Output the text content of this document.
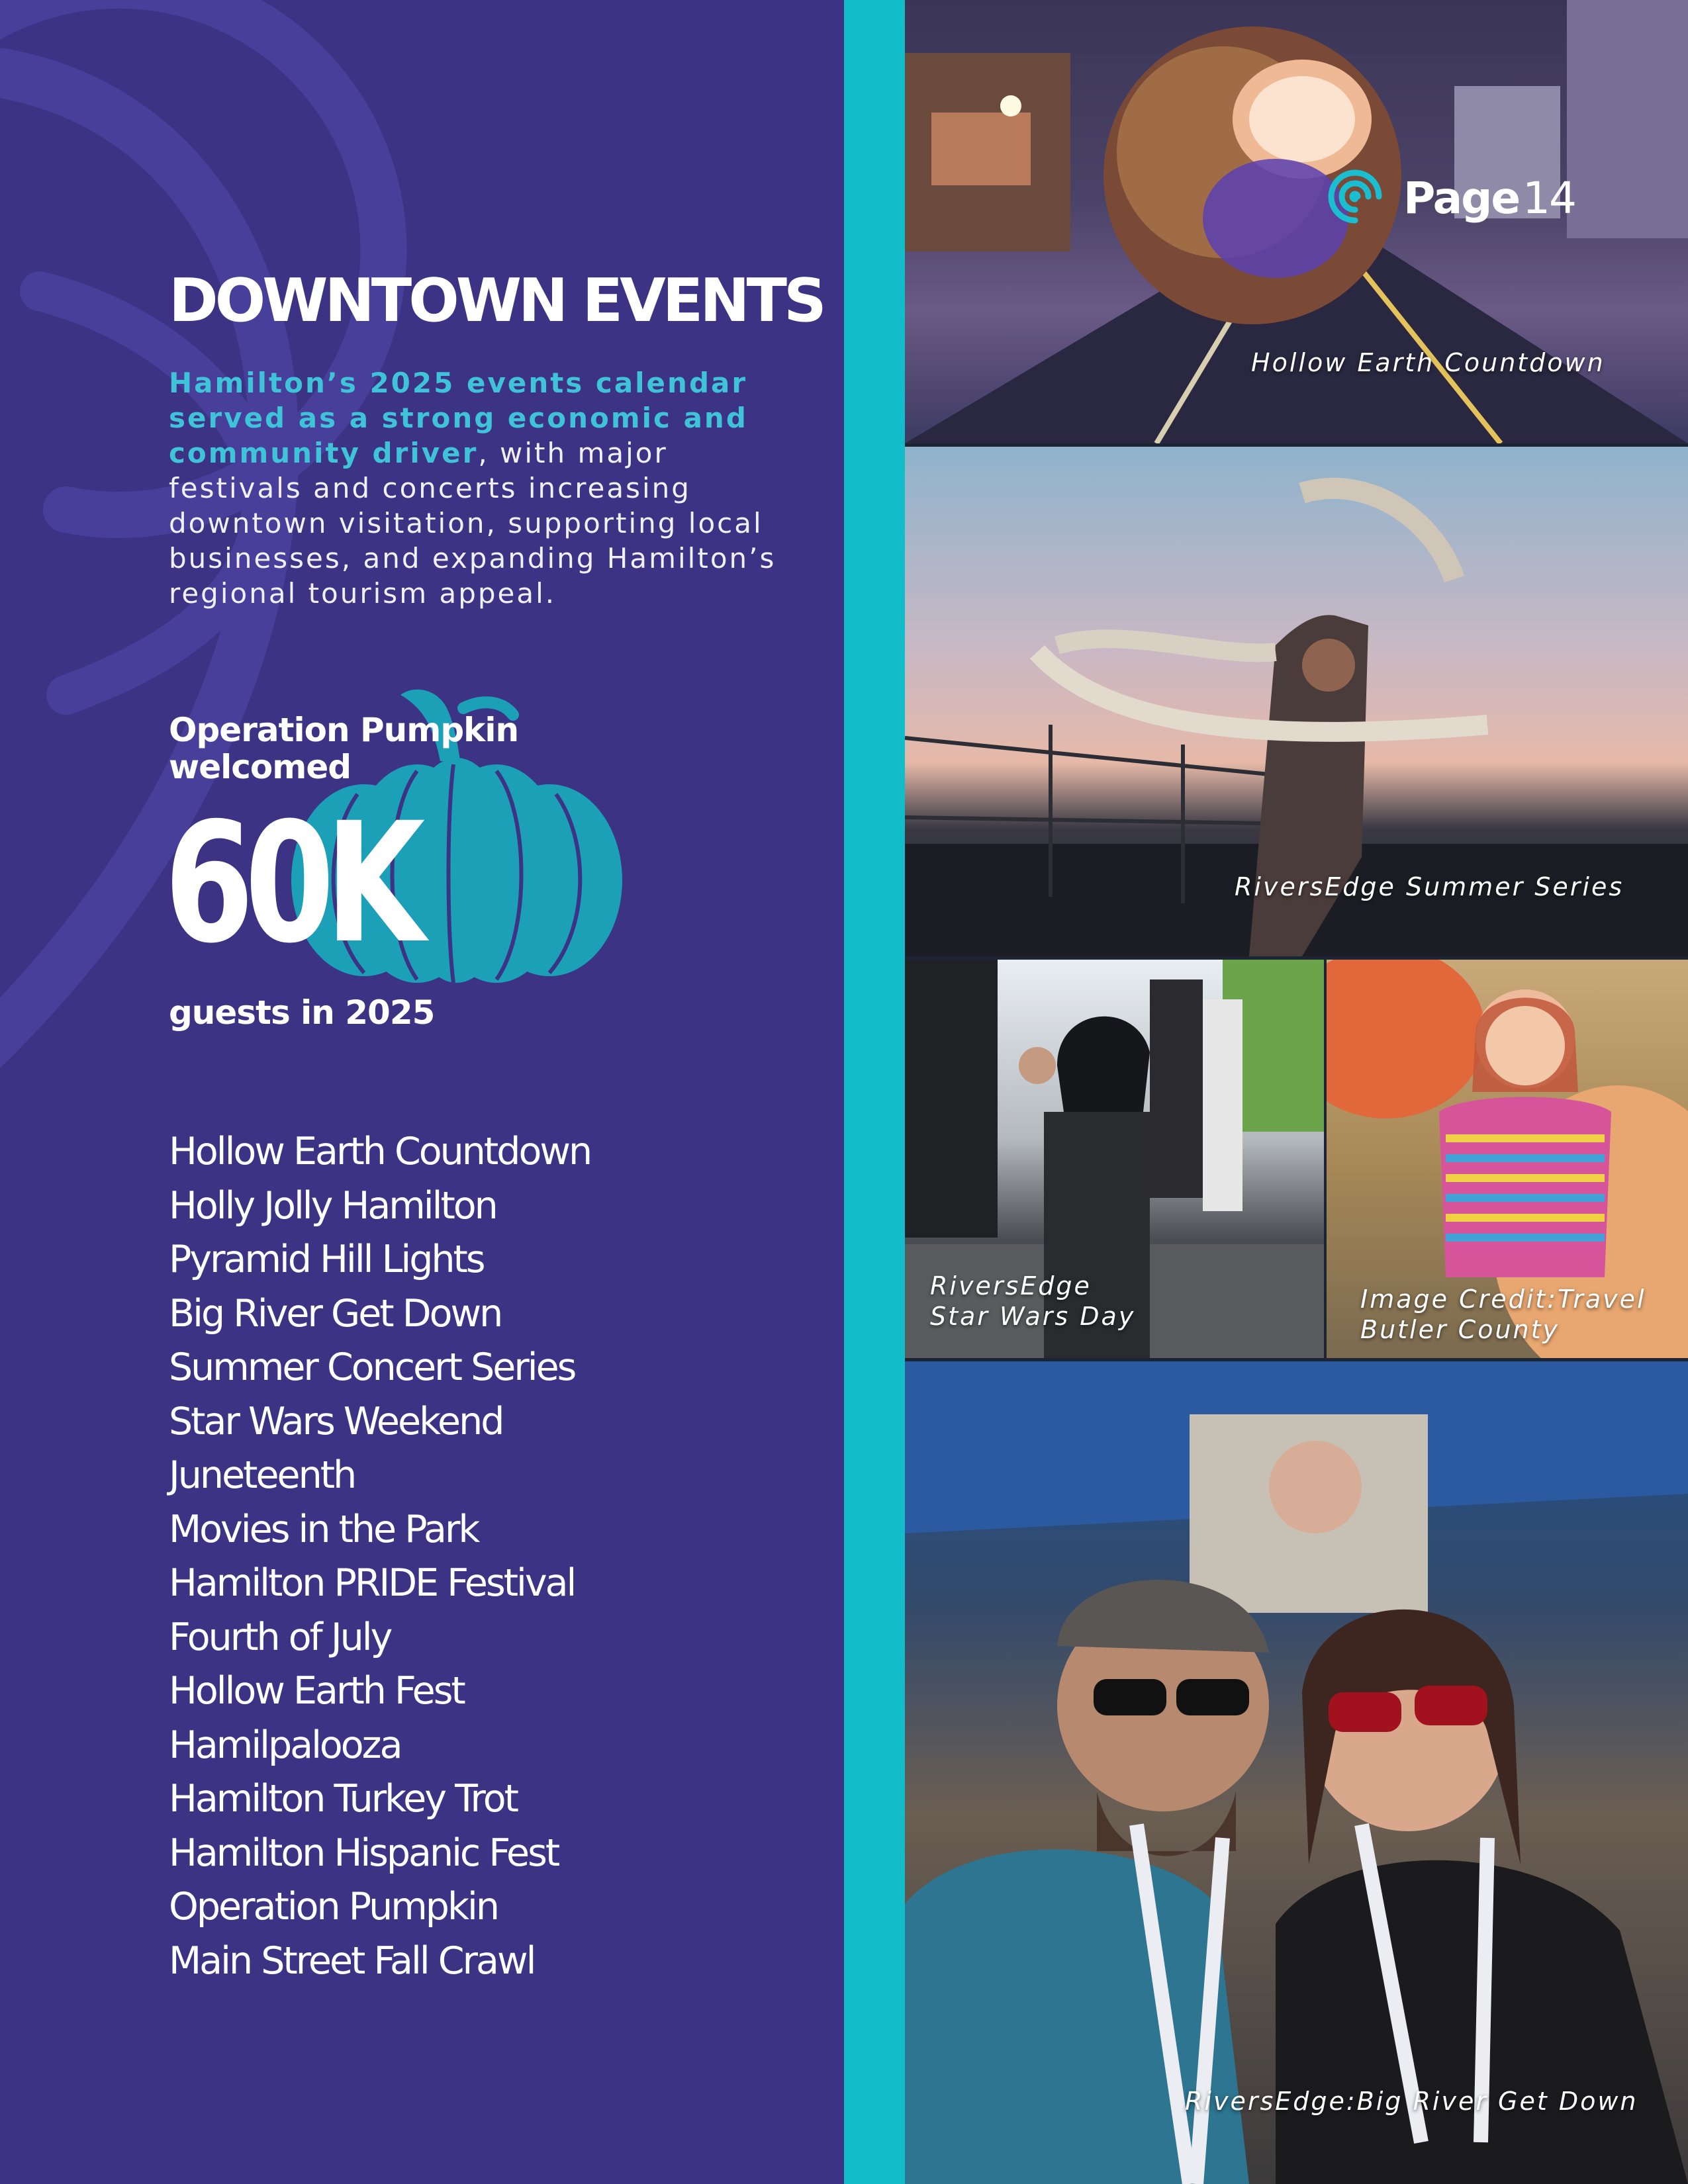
DOWNTOWN EVENTS
Hamilton’s 2025 events calendar served as a strong economic and community driver, with major festivals and concerts increasing downtown visitation, supporting local businesses, and expanding Hamilton’s regional tourism appeal.
Operation Pumpkin
welcomed
60K
guests in 2025
Hollow Earth Countdown
Holly Jolly Hamilton
Pyramid Hill Lights
Big River Get Down
Summer Concert Series
Star Wars Weekend
Juneteenth
Movies in the Park
Hamilton PRIDE Festival
Fourth of July
Hollow Earth Fest
Hamilpalooza
Hamilton Turkey Trot
Hamilton Hispanic Fest
Operation Pumpkin
Main Street Fall Crawl
Hollow Earth Countdown
Page 14
RiversEdge Summer Series
RiversEdge
Star Wars Day
Image Credit:Travel
Butler County
RiversEdge:Big River Get Down
